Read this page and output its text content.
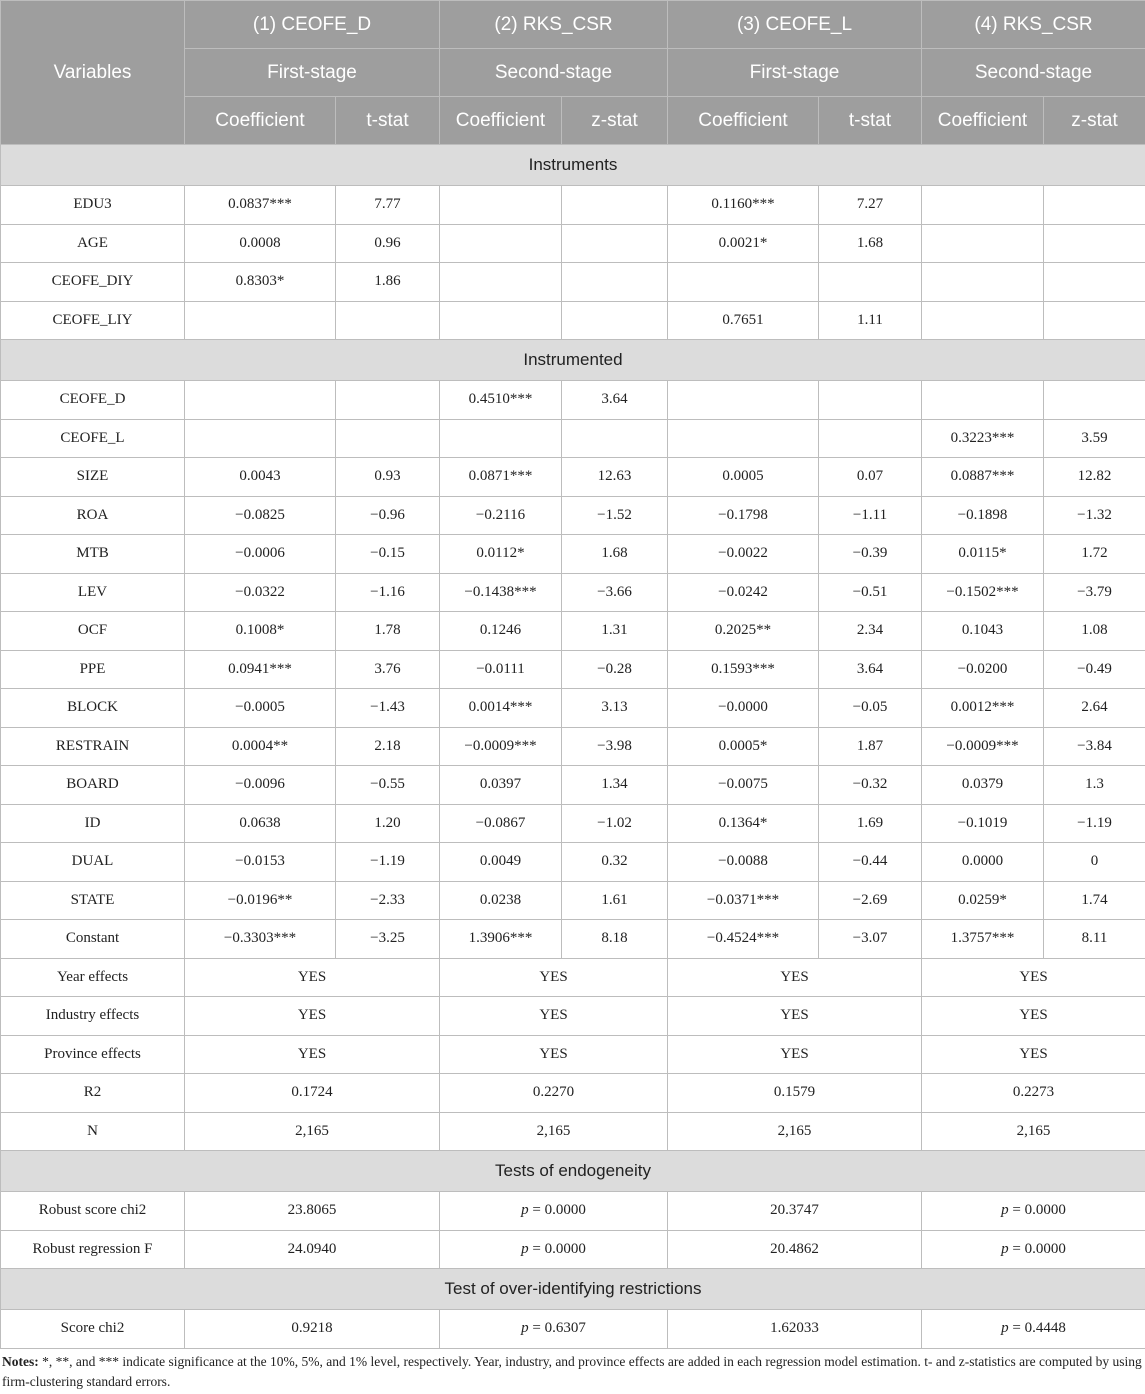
Variables	(1) CEOFE_D		(2) RKS_CSR		(3) CEOFE_L		(4) RKS_CSR	
	First-stage		Second-stage		First-stage		Second-stage	
	Coefficient	t-stat	Coefficient	z-stat	Coefficient	t-stat	Coefficient	z-stat
Instruments								
EDU3	0.0837***	7.77			0.1160***	7.27		
AGE	0.0008	0.96			0.0021*	1.68		
CEOFE_DIY	0.8303*	1.86						
CEOFE_LIY					0.7651	1.11		
Instrumented								
CEOFE_D			0.4510***	3.64				
CEOFE_L							0.3223***	3.59
SIZE	0.0043	0.93	0.0871***	12.63	0.0005	0.07	0.0887***	12.82
ROA	−0.0825	−0.96	−0.2116	−1.52	−0.1798	−1.11	−0.1898	−1.32
MTB	−0.0006	−0.15	0.0112*	1.68	−0.0022	−0.39	0.0115*	1.72
LEV	−0.0322	−1.16	−0.1438***	−3.66	−0.0242	−0.51	−0.1502***	−3.79
OCF	0.1008*	1.78	0.1246	1.31	0.2025**	2.34	0.1043	1.08
PPE	0.0941***	3.76	−0.0111	−0.28	0.1593***	3.64	−0.0200	−0.49
BLOCK	−0.0005	−1.43	0.0014***	3.13	−0.0000	−0.05	0.0012***	2.64
RESTRAIN	0.0004**	2.18	−0.0009***	−3.98	0.0005*	1.87	−0.0009***	−3.84
BOARD	−0.0096	−0.55	0.0397	1.34	−0.0075	−0.32	0.0379	1.3
ID	0.0638	1.20	−0.0867	−1.02	0.1364*	1.69	−0.1019	−1.19
DUAL	−0.0153	−1.19	0.0049	0.32	−0.0088	−0.44	0.0000	0
STATE	−0.0196**	−2.33	0.0238	1.61	−0.0371***	−2.69	0.0259*	1.74
Constant	−0.3303***	−3.25	1.3906***	8.18	−0.4524***	−3.07	1.3757***	8.11
Year effects	YES		YES		YES		YES	
Industry effects	YES		YES		YES		YES	
Province effects	YES		YES		YES		YES	
R2	0.1724		0.2270		0.1579		0.2273	
N	2,165		2,165		2,165		2,165	
Tests of endogeneity								
Robust score chi2	23.8065		p = 0.0000		20.3747		p = 0.0000	
Robust regression F	24.0940		p = 0.0000		20.4862		p = 0.0000	
Test of over-identifying restrictions								
Score chi2	0.9218		p = 0.6307		1.62033		p = 0.4448	
Notes: *, **, and *** indicate significance at the 10%, 5%, and 1% level, respectively. Year, industry, and province effects are added in each regression model estimation. t- and z-statistics are computed by using firm-clustering standard errors.
